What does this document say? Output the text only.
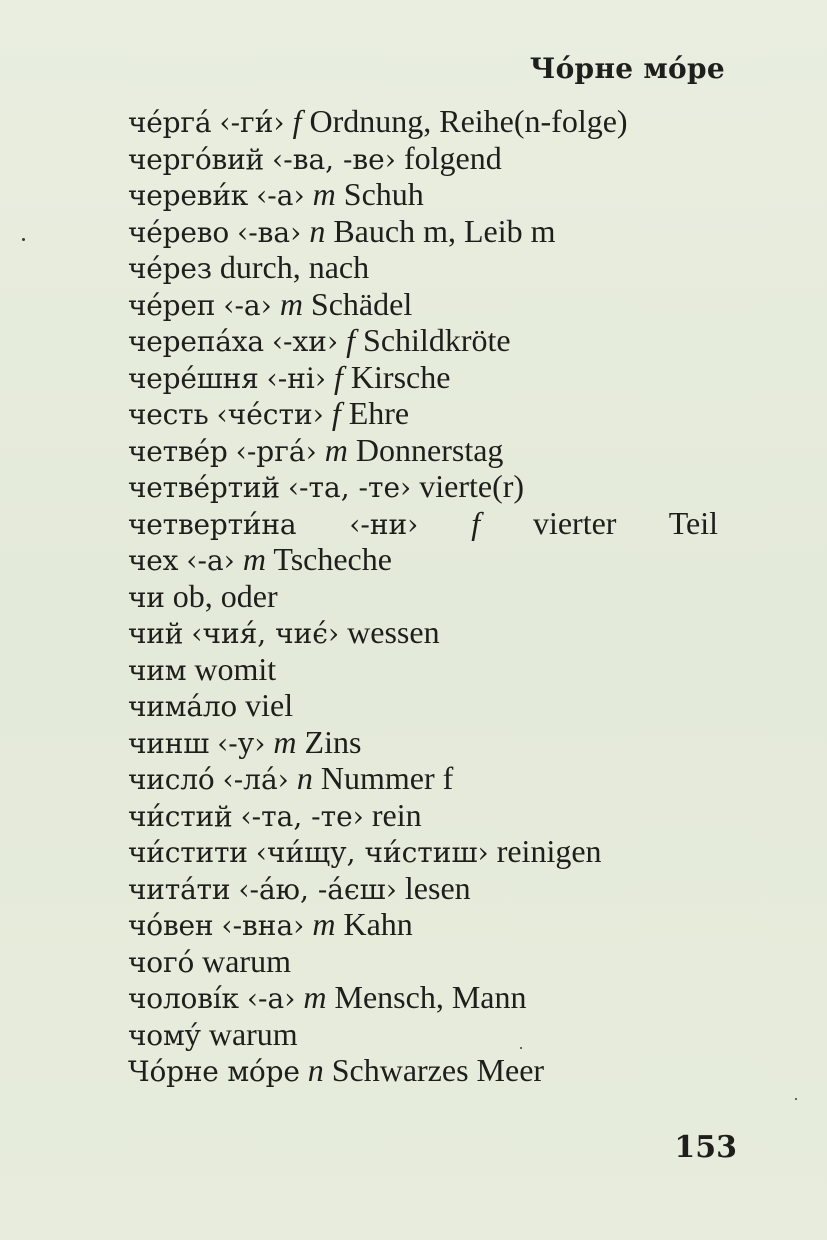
Чо́рне мо́ре
че́рга́ ‹-ги́› f Ordnung, Reihe(n-folge)
черго́вий ‹-ва, -ве› folgend
череви́к ‹-а› m Schuh
че́рево ‹-ва› n Bauch m, Leib m
че́рез durch, nach
че́реп ‹-а› m Schädel
черепа́ха ‹-хи› f Schildkröte
чере́шня ‹-ні› f Kirsche
честь ‹че́сти› f Ehre
четве́р ‹-рга́› m Donnerstag
четве́ртий ‹-та, -те› vierte(r)
четверти́на ‹-ни› f vierter Teil
чех ‹-а› m Tscheche
чи ob, oder
чий ‹чия́, чиє́› wessen
чим womit
чима́ло viel
чинш ‹-у› m Zins
число́ ‹-ла́› n Nummer f
чи́стий ‹-та, -те› rein
чи́стити ‹чи́щу, чи́стиш› reinigen
чита́ти ‹-а́ю, -а́єш› lesen
чо́вен ‹-вна› m Kahn
чого́ warum
чолові́к ‹-а› m Mensch, Mann
чому́ warum
Чо́рне мо́ре n Schwarzes Meer
153
